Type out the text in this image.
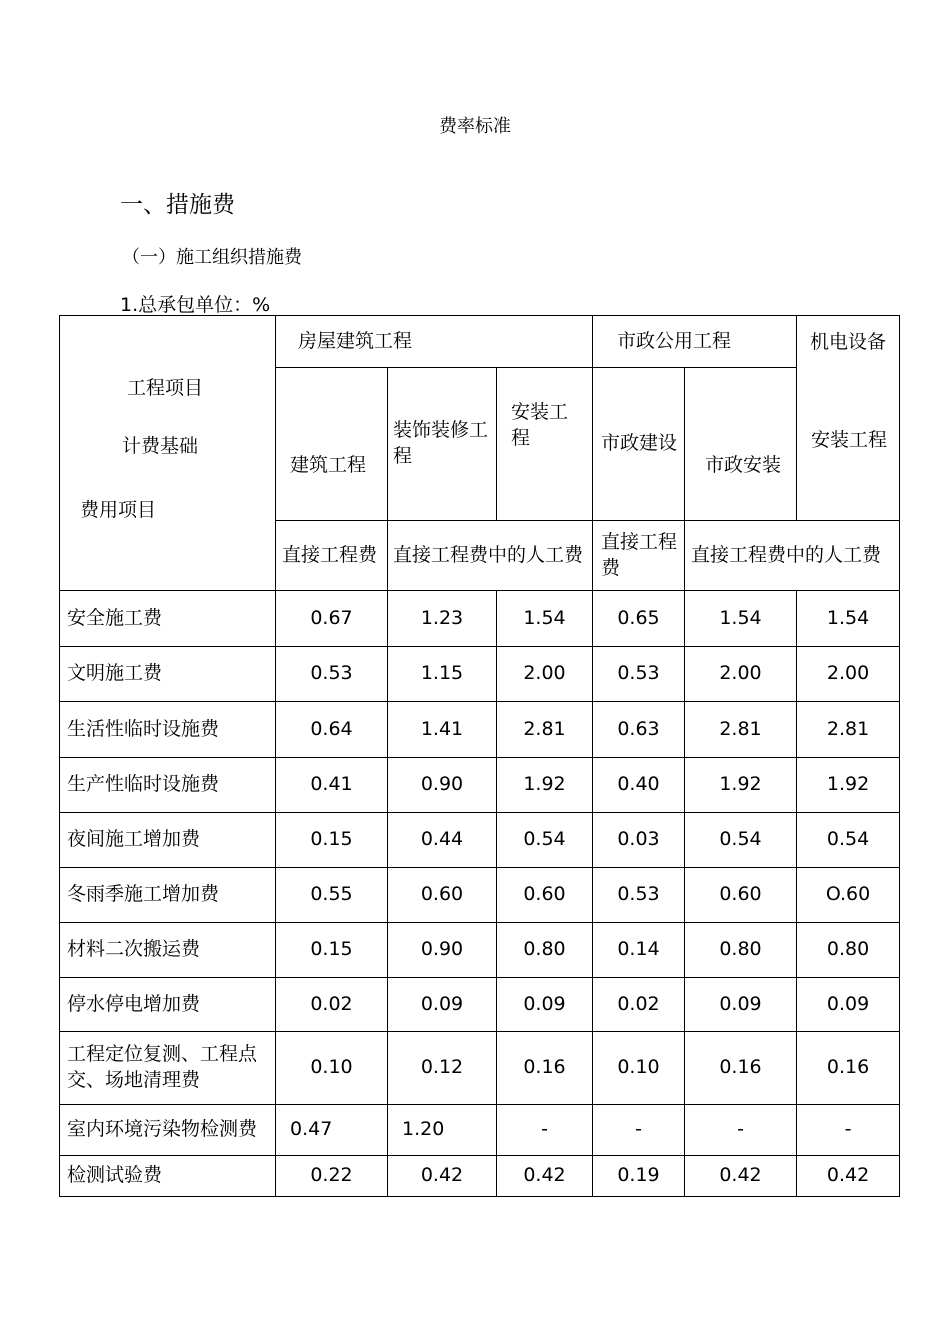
费率标准
一、措施费
（一）施工组织措施费
1.总承包单位：%
工程项目
计费基础
费用项目	房屋建筑工程			市政公用工程		机电设备
安装工程

	建筑工程	装饰装修工程	安装工程	市政建设	市政安装	
	直接工程费	直接工程费中的人工费		直接工程费	直接工程费中的人工费	
安全施工费	0.67	1.23	1.54	0.65	1.54	1.54
文明施工费	0.53	1.15	2.00	0.53	2.00	2.00
生活性临时设施费	0.64	1.41	2.81	0.63	2.81	2.81
生产性临时设施费	0.41	0.90	1.92	0.40	1.92	1.92
夜间施工增加费	0.15	0.44	0.54	0.03	0.54	0.54
冬雨季施工增加费	0.55	0.60	0.60	0.53	0.60	O.60
材料二次搬运费	0.15	0.90	0.80	0.14	0.80	0.80
停水停电增加费	0.02	0.09	0.09	0.02	0.09	0.09
工程定位复测、工程点交、场地清理费	0.10	0.12	0.16	0.10	0.16	0.16
室内环境污染物检测费	0.47	1.20	-	-	-	-
检测试验费	0.22	0.42	0.42	0.19	0.42	0.42
